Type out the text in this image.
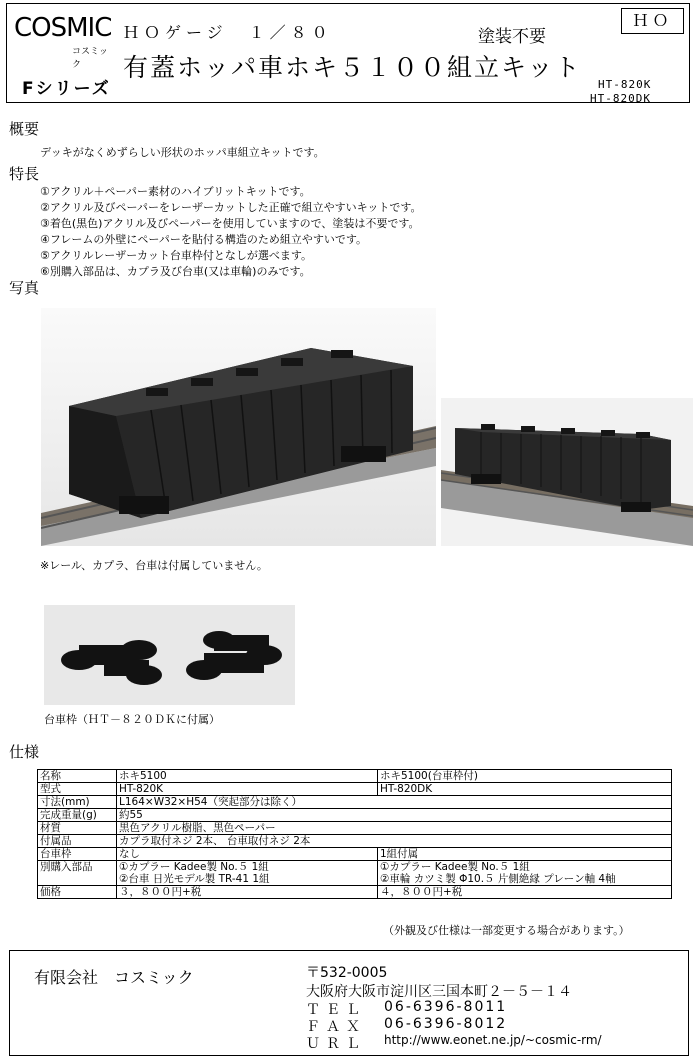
COSMIC
コスミック
Fシリーズ
ＨＯゲージ　１／８０	塗装不要
ＨＯ
有蓋ホッパ車ホキ５１００組立キット
HT-820K
HT-820DK
概要
デッキがなくめずらしい形状のホッパ車組立キットです。
特長
①アクリル＋ペーパー素材のハイブリットキットです。
②アクリル及びペーパーをレーザーカットした正確で組立やすいキットです。
③着色(黒色)アクリル及びペーパーを使用していますので、塗装は不要です。
④フレームの外壁にペーパーを貼付る構造のため組立やすいです。
⑤アクリルレーザーカット台車枠付となしが選べます。
⑥別購入部品は、カプラ及び台車(又は車輪)のみです。
写真
※レール、カプラ、台車は付属していません。
台車枠（ＨＴ－８２０ＤＫに付属）
仕様
名称	ホキ5100	ホキ5100(台車枠付)
型式	HT-820K	HT-820DK
寸法(mm)	L164×W32×H54（突起部分は除く）	
完成重量(g)	約55	
材質	黒色アクリル樹脂、黒色ペーパー	
付属品	カプラ取付ネジ 2本、 台車取付ネジ 2本	
台車枠	なし	1組付属
別購入部品	①カプラー Kadee製 No.５ 1組	①カプラー Kadee製 No.５ 1組
	②台車 日光モデル製 TR-41 1組	②車輪 カツミ製 Φ10.５ 片側絶縁 プレーン軸 4軸
価格	３，８００円+税	４，８００円+税
（外観及び仕様は一部変更する場合があります。）
有限会社　コスミック	〒532-0005
大阪府大阪市淀川区三国本町２－５－１４
ＴＥＬ 06-6396-8011
ＦＡＸ 06-6396-8012
ＵＲＬ http://www.eonet.ne.jp/~cosmic-rm/
